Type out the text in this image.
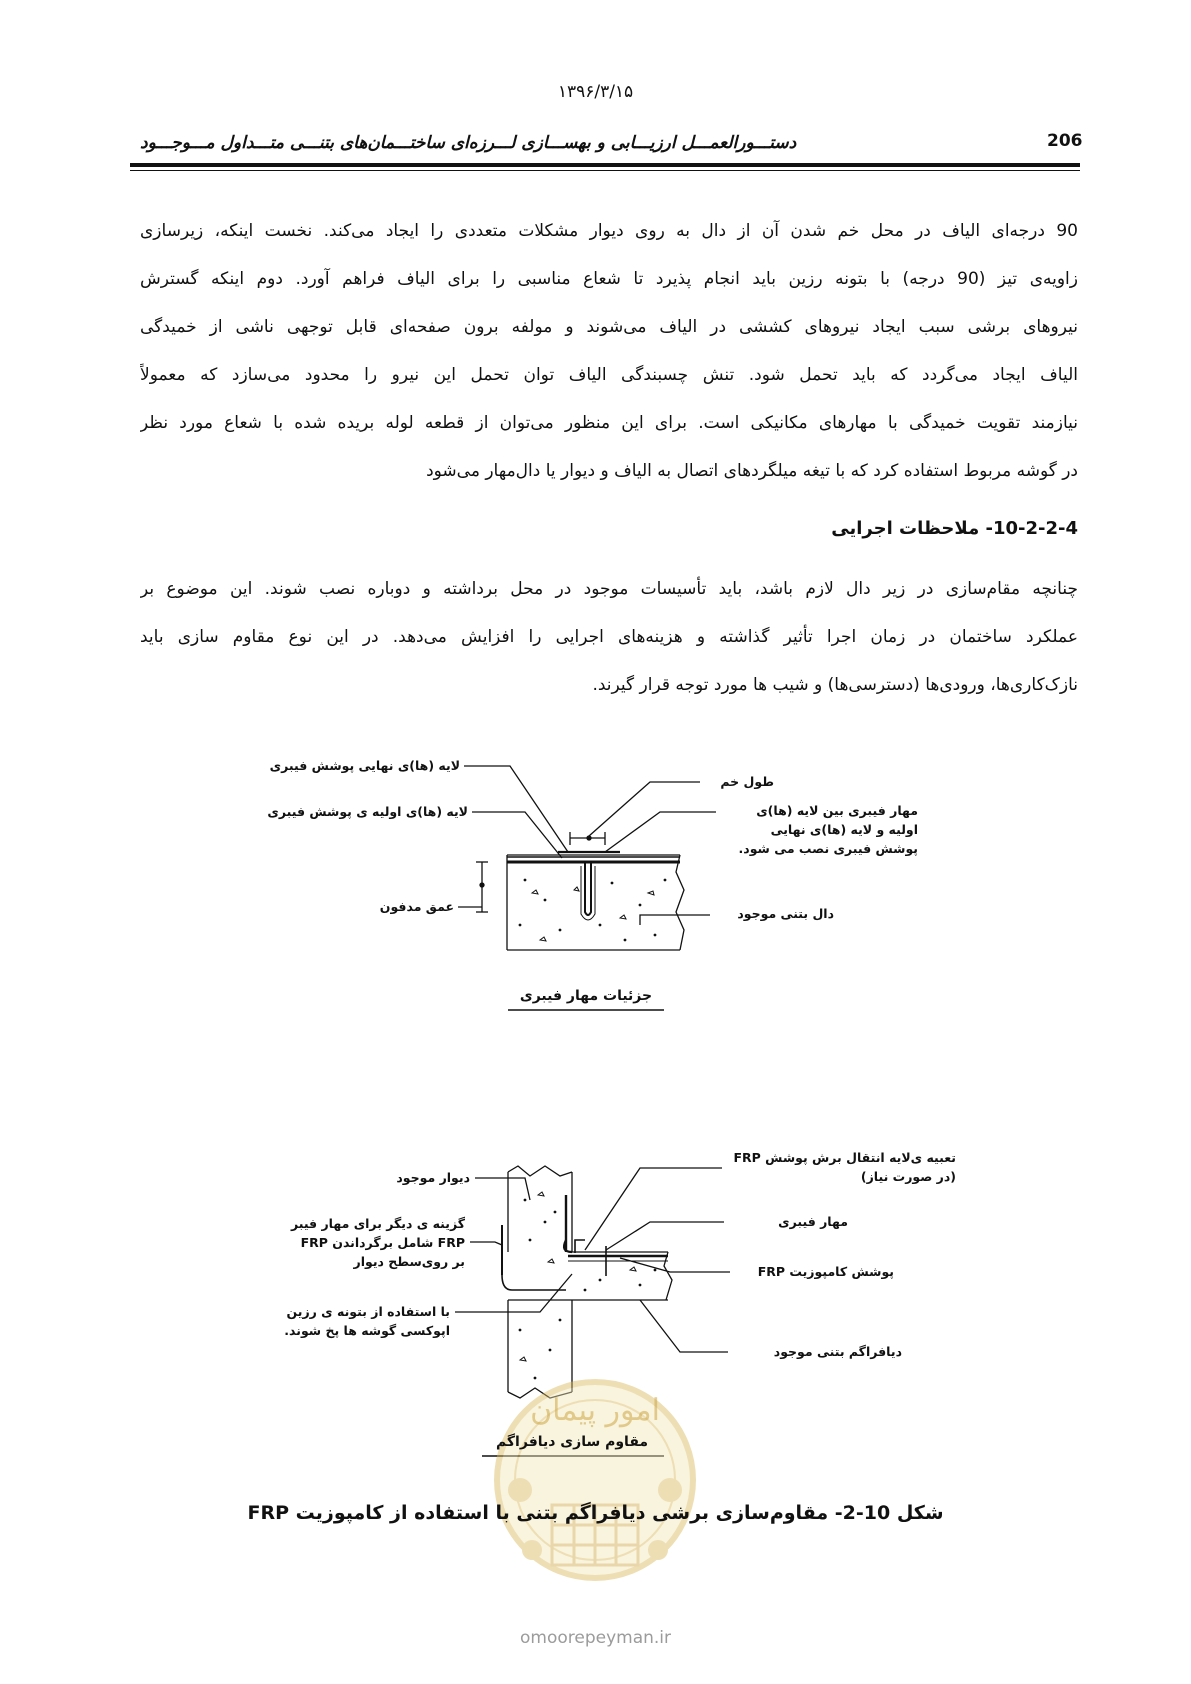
۱۳۹۶/۳/۱۵
دستـــورالعمـــل ارزیـــابی و بهســـازی لـــرزه‌ای ساختـــمان‌های بتنـــی متـــداول مـــوجـــود	206
90 درجه‌ای الیاف در محل خم شدن آن از دال به روی دیوار مشکلات متعددی را ایجاد می‌کند. نخست اینکه، زیرسازی
زاویه‌ی تیز (90 درجه) با بتونه رزین باید انجام پذیرد تا شعاع مناسبی را برای الیاف فراهم آورد. دوم اینکه گسترش
نیروهای برشی سبب ایجاد نیروهای کششی در الیاف می‌شوند و مولفه برون صفحه‌ای قابل توجهی ناشی از خمیدگی
الیاف ایجاد می‌گردد که باید تحمل شود. تنش چسبندگی الیاف توان تحمل این نیرو را محدود می‌سازد که معمولاً
نیازمند تقویت خمیدگی با مهارهای مکانیکی است. برای این منظور می‌توان از قطعه لوله بریده شده با شعاع مورد نظر
در گوشه مربوط استفاده کرد که با تیغه میلگردهای اتصال به الیاف و دیوار یا دال‌مهار می‌شود
10-2-2-4- ملاحظات اجرایی
چنانچه مقام‌سازی در زیر دال لازم باشد، باید تأسیسات موجود در محل برداشته و دوباره نصب شوند. این موضوع بر
عملکرد ساختمان در زمان اجرا تأثیر گذاشته و هزینه‌های اجرایی را افزایش می‌دهد. در این نوع مقاوم سازی باید
نازک‌کاری‌ها، ورودی‌ها (دسترسی‌ها) و شیب ها مورد توجه قرار گیرند.
لایه (ها)ی نهایی پوشش فیبری
لایه (ها)ی اولیه ی پوشش فیبری
عمق مدفون
طول خم
مهار فیبری بین لایه (ها)ی
اولیه و لایه (ها)ی نهایی
پوشش فیبری نصب می شود.
دال بتنی موجود
جزئیات مهار فیبری
دیوار موجود
گزینه ی دیگر برای مهار فیبر
FRP شامل برگرداندن FRP
بر روی‌سطح دیوار
با استفاده از بتونه ی رزین
اپوکسی گوشه ها پخ شوند.
تعبیه ی‌لایه انتقال برش پوشش FRP
(در صورت نیاز)
مهار فیبری
پوشش کامپوزیت FRP
دیافراگم بتنی موجود
امور پیمان
مقاوم سازی دیافراگم
شکل 10-2- مقاوم‌سازی برشی دیافراگم بتنی با استفاده از کامپوزیت FRP
omoorepeyman.ir
